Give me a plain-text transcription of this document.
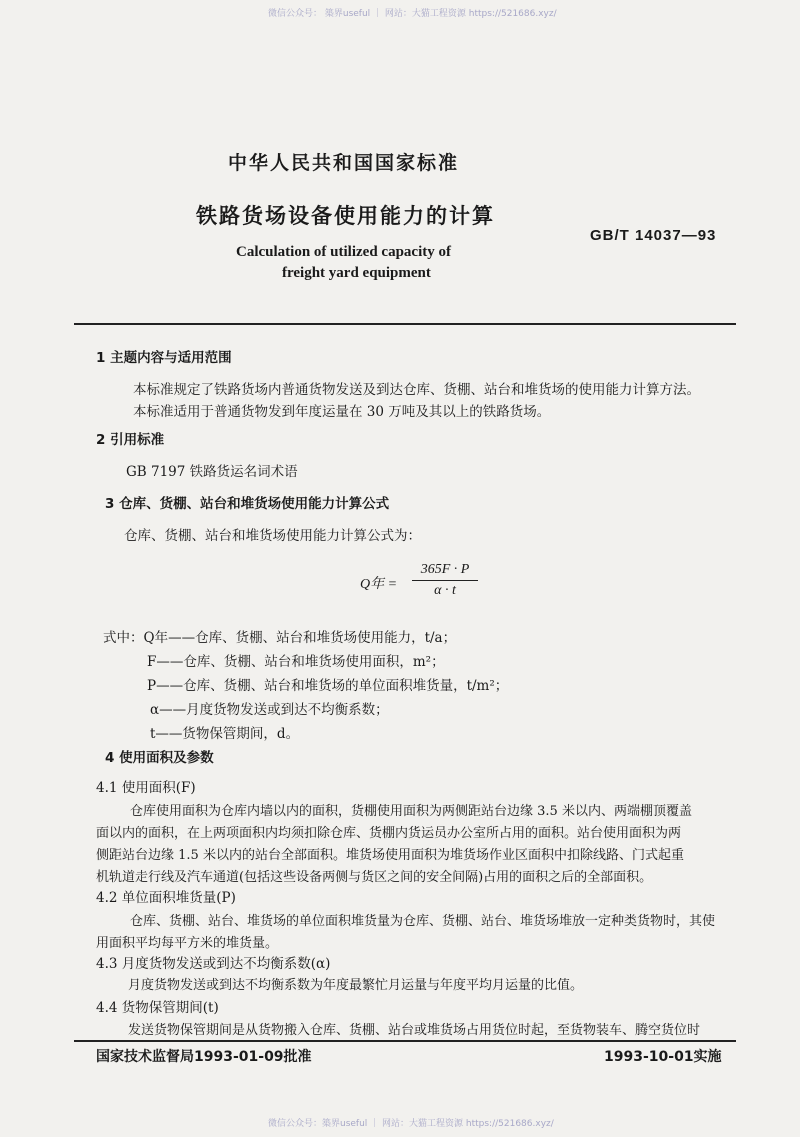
微信公众号： 築界useful ｜ 网站：大猫工程资源 https://521686.xyz/
中华人民共和国国家标准
铁路货场设备使用能力的计算
GB/T 14037—93
Calculation of utilized capacity of
freight yard equipment
1 主题内容与适用范围
本标准规定了铁路货场内普通货物发送及到达仓库、货棚、站台和堆货场的使用能力计算方法。
本标准适用于普通货物发到年度运量在 30 万吨及其以上的铁路货场。
2 引用标准
GB 7197 铁路货运名词术语
3 仓库、货棚、站台和堆货场使用能力计算公式
仓库、货棚、站台和堆货场使用能力计算公式为：
Q年 =
365F · P
α · t
式中：Q年——仓库、货棚、站台和堆货场使用能力，t/a；
F——仓库、货棚、站台和堆货场使用面积，m²；
P——仓库、货棚、站台和堆货场的单位面积堆货量，t/m²；
α——月度货物发送或到达不均衡系数；
t——货物保管期间，d。
4 使用面积及参数
4.1 使用面积(F)
仓库使用面积为仓库内墙以内的面积，货棚使用面积为两侧距站台边缘 3.5 米以内、两端棚顶覆盖
面以内的面积，在上两项面积内均须扣除仓库、货棚内货运员办公室所占用的面积。站台使用面积为两
侧距站台边缘 1.5 米以内的站台全部面积。堆货场使用面积为堆货场作业区面积中扣除线路、门式起重
机轨道走行线及汽车通道(包括这些设备两侧与货区之间的安全间隔)占用的面积之后的全部面积。
4.2 单位面积堆货量(P)
仓库、货棚、站台、堆货场的单位面积堆货量为仓库、货棚、站台、堆货场堆放一定种类货物时，其使
用面积平均每平方米的堆货量。
4.3 月度货物发送或到达不均衡系数(α)
月度货物发送或到达不均衡系数为年度最繁忙月运量与年度平均月运量的比值。
4.4 货物保管期间(t)
发送货物保管期间是从货物搬入仓库、货棚、站台或堆货场占用货位时起，至货物装车、腾空货位时
国家技术监督局1993-01-09批准	1993-10-01实施
微信公众号：築界useful ｜ 网站：大猫工程资源 https://521686.xyz/
